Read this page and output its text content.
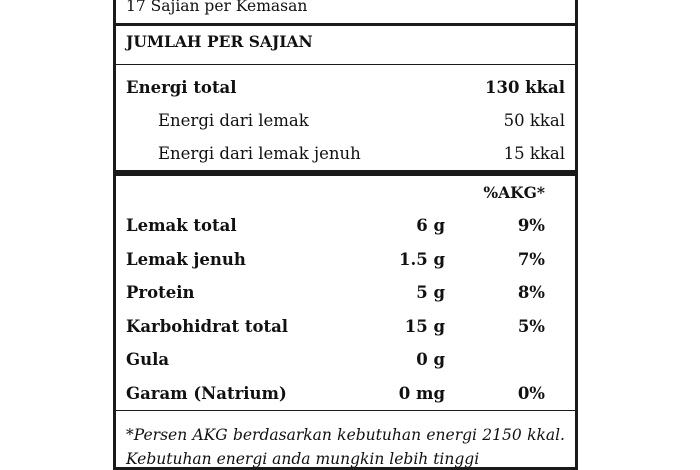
17 Sajian per Kemasan
JUMLAH PER SAJIAN
Energi total	130 kkal
Energi dari lemak	50 kkal
Energi dari lemak jenuh	15 kkal
%AKG*
Lemak total	6 g	9%
Lemak jenuh	1.5 g	7%
Protein	5 g	8%
Karbohidrat total	15 g	5%
Gula	0 g
Garam (Natrium)	0 mg	0%
*Persen AKG berdasarkan kebutuhan energi 2150 kkal. Kebutuhan energi anda mungkin lebih tinggi
